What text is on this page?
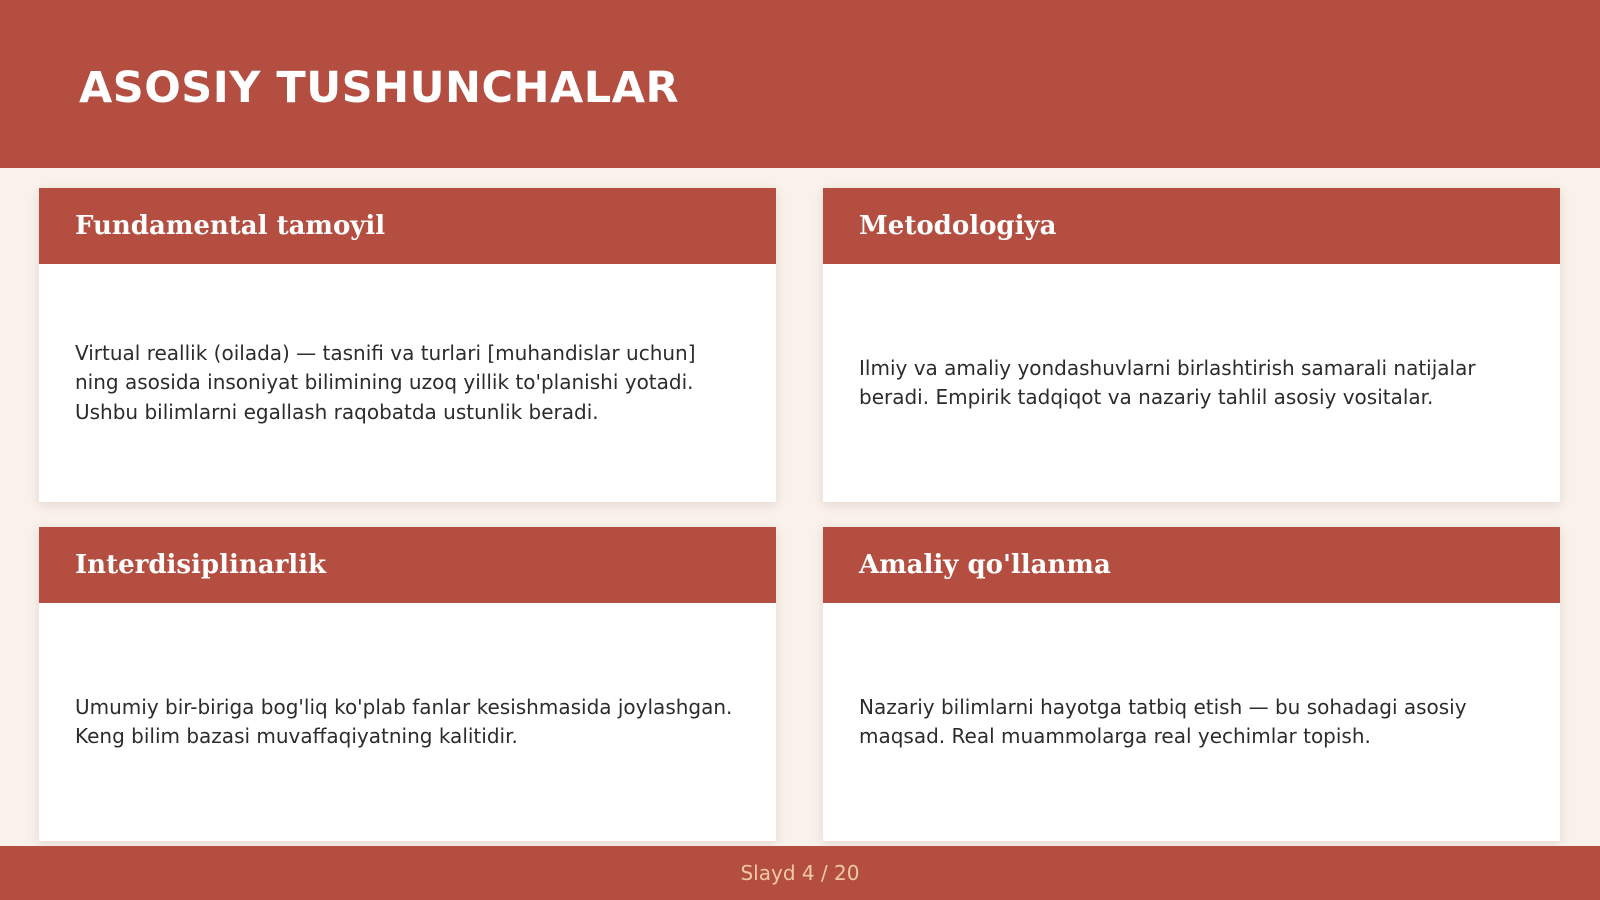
ASOSIY TUSHUNCHALAR
Fundamental tamoyil

Virtual reallik (oilada) — tasnifi va turlari [muhandislar uchun] ning asosida insoniyat bilimining uzoq yillik to'planishi yotadi. Ushbu bilimlarni egallash raqobatda ustunlik beradi.

Metodologiya

Ilmiy va amaliy yondashuvlarni birlashtirish samarali natijalar beradi. Empirik tadqiqot va nazariy tahlil asosiy vositalar.

Interdisiplinarlik

Umumiy bir-biriga bog'liq ko'plab fanlar kesishmasida joylashgan. Keng bilim bazasi muvaffaqiyatning kalitidir.

Amaliy qo'llanma

Nazariy bilimlarni hayotga tatbiq etish — bu sohadagi asosiy maqsad. Real muammolarga real yechimlar topish.

Slayd 4 / 20
